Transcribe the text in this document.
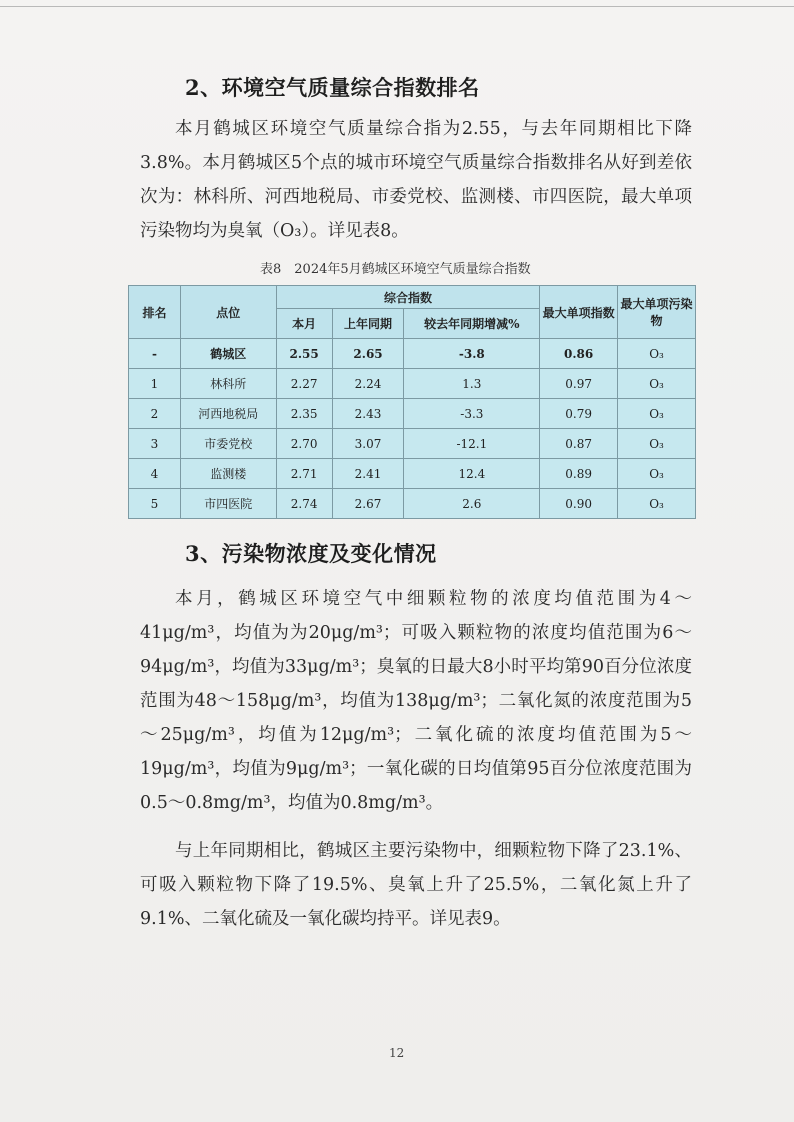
2、环境空气质量综合指数排名

本月鹤城区环境空气质量综合指为2.55，与去年同期相比下降3.8%。本月鹤城区5个点的城市环境空气质量综合指数排名从好到差依次为：林科所、河西地税局、市委党校、监测楼、市四医院，最大单项污染物均为臭氧（O₃）。详见表8。

表8　2024年5月鹤城区环境空气质量综合指数
排名	点位	综合指数			最大单项指数	最大单项污染物
		本月	上年同期	较去年同期增减%		
-	鹤城区	2.55	2.65	-3.8	0.86	O₃
1	林科所	2.27	2.24	1.3	0.97	O₃
2	河西地税局	2.35	2.43	-3.3	0.79	O₃
3	市委党校	2.70	3.07	-12.1	0.87	O₃
4	监测楼	2.71	2.41	12.4	0.89	O₃
5	市四医院	2.74	2.67	2.6	0.90	O₃
3、污染物浓度及变化情况

本月，鹤城区环境空气中细颗粒物的浓度均值范围为4～41μg/m³，均值为为20μg/m³；可吸入颗粒物的浓度均值范围为6～94μg/m³，均值为33μg/m³；臭氧的日最大8小时平均第90百分位浓度范围为48～158μg/m³，均值为138μg/m³；二氧化氮的浓度范围为5～25μg/m³，均值为12μg/m³；二氧化硫的浓度均值范围为5～19μg/m³，均值为9μg/m³；一氧化碳的日均值第95百分位浓度范围为0.5～0.8mg/m³，均值为0.8mg/m³。

与上年同期相比，鹤城区主要污染物中，细颗粒物下降了23.1%、可吸入颗粒物下降了19.5%、臭氧上升了25.5%，二氧化氮上升了9.1%、二氧化硫及一氧化碳均持平。详见表9。

12
